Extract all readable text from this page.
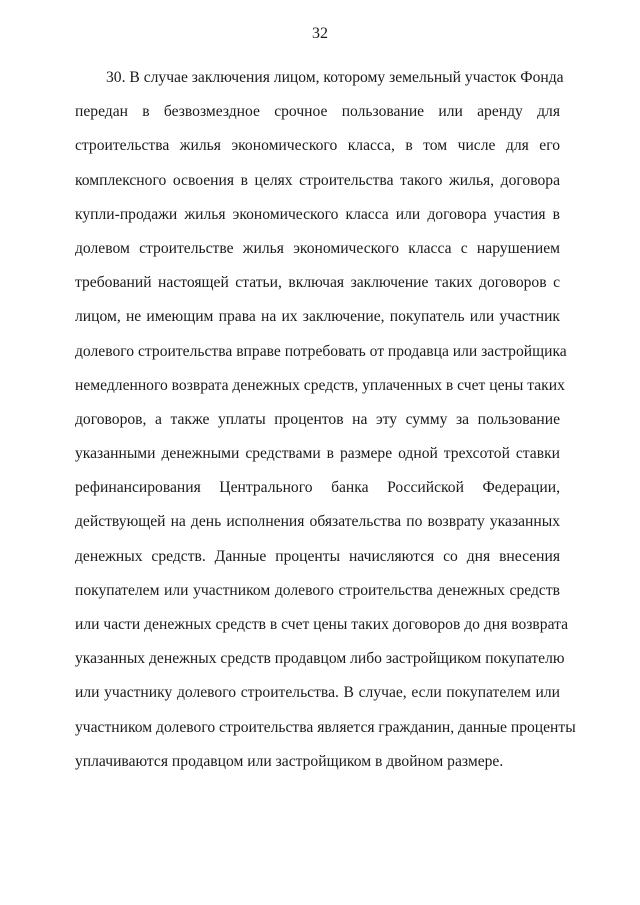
32
30. В случае заключения лицом, которому земельный участок Фонда
передан в безвозмездное срочное пользование или аренду для
строительства жилья экономического класса, в том числе для его
комплексного освоения в целях строительства такого жилья, договора
купли-продажи жилья экономического класса или договора участия в
долевом строительстве жилья экономического класса с нарушением
требований настоящей статьи, включая заключение таких договоров с
лицом, не имеющим права на их заключение, покупатель или участник
долевого строительства вправе потребовать от продавца или застройщика
немедленного возврата денежных средств, уплаченных в счет цены таких
договоров, а также уплаты процентов на эту сумму за пользование
указанными денежными средствами в размере одной трехсотой ставки
рефинансирования Центрального банка Российской Федерации,
действующей на день исполнения обязательства по возврату указанных
денежных средств. Данные проценты начисляются со дня внесения
покупателем или участником долевого строительства денежных средств
или части денежных средств в счет цены таких договоров до дня возврата
указанных денежных средств продавцом либо застройщиком покупателю
или участнику долевого строительства. В случае, если покупателем или
участником долевого строительства является гражданин, данные проценты
уплачиваются продавцом или застройщиком в двойном размере.
